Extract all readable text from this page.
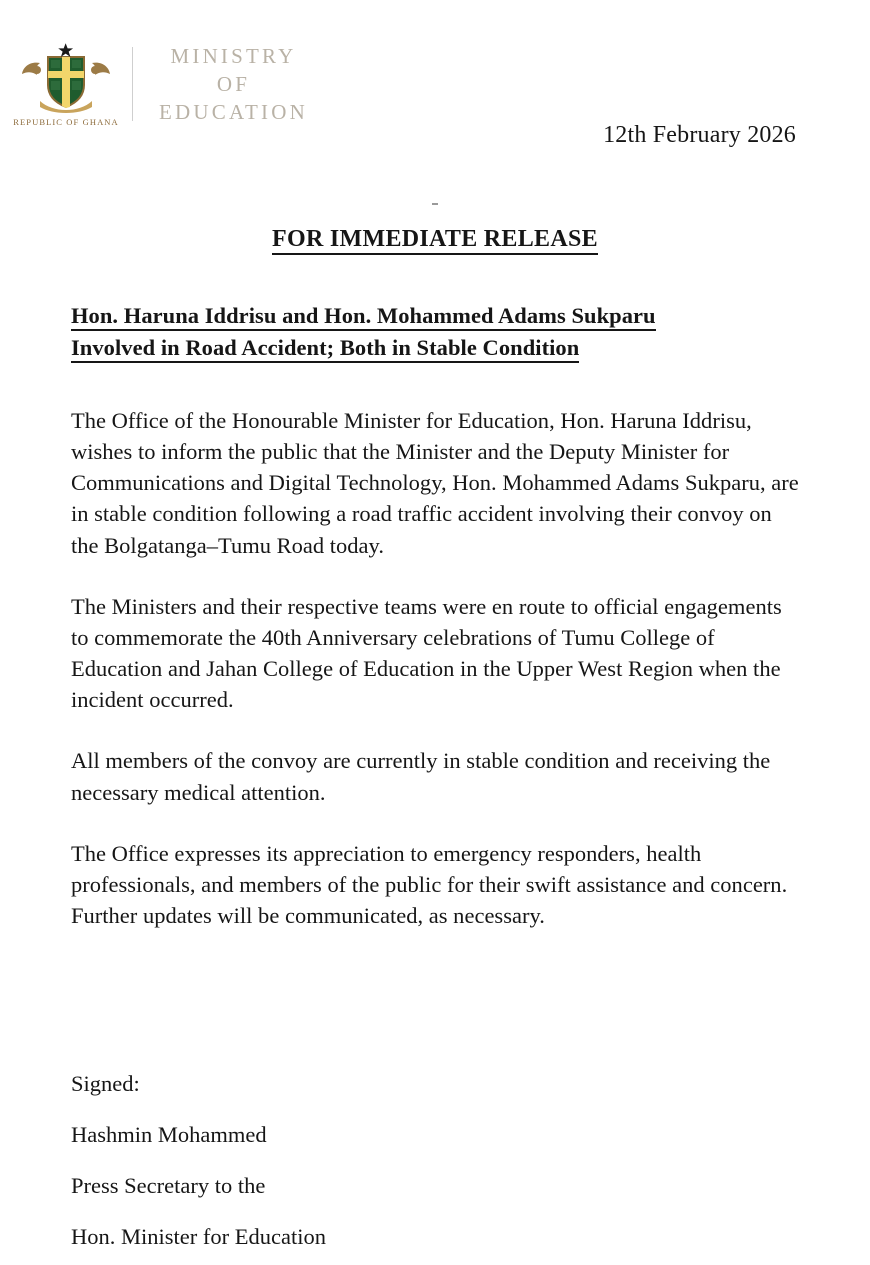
REPUBLIC OF GHANA
MINISTRY
OF
EDUCATION
12th February 2026
FOR IMMEDIATE RELEASE
Hon. Haruna Iddrisu and Hon. Mohammed Adams Sukparu
Involved in Road Accident; Both in Stable Condition

The Office of the Honourable Minister for Education, Hon. Haruna Iddrisu, wishes to inform the public that the Minister and the Deputy Minister for Communications and Digital Technology, Hon. Mohammed Adams Sukparu, are in stable condition following a road traffic accident involving their convoy on the Bolgatanga–Tumu Road today.

The Ministers and their respective teams were en route to official engagements to commemorate the 40th Anniversary celebrations of Tumu College of Education and Jahan College of Education in the Upper West Region when the incident occurred.

All members of the convoy are currently in stable condition and receiving the necessary medical attention.

The Office expresses its appreciation to emergency responders, health professionals, and members of the public for their swift assistance and concern. Further updates will be communicated, as necessary.

Signed:
Hashmin Mohammed
Press Secretary to the
Hon. Minister for Education
